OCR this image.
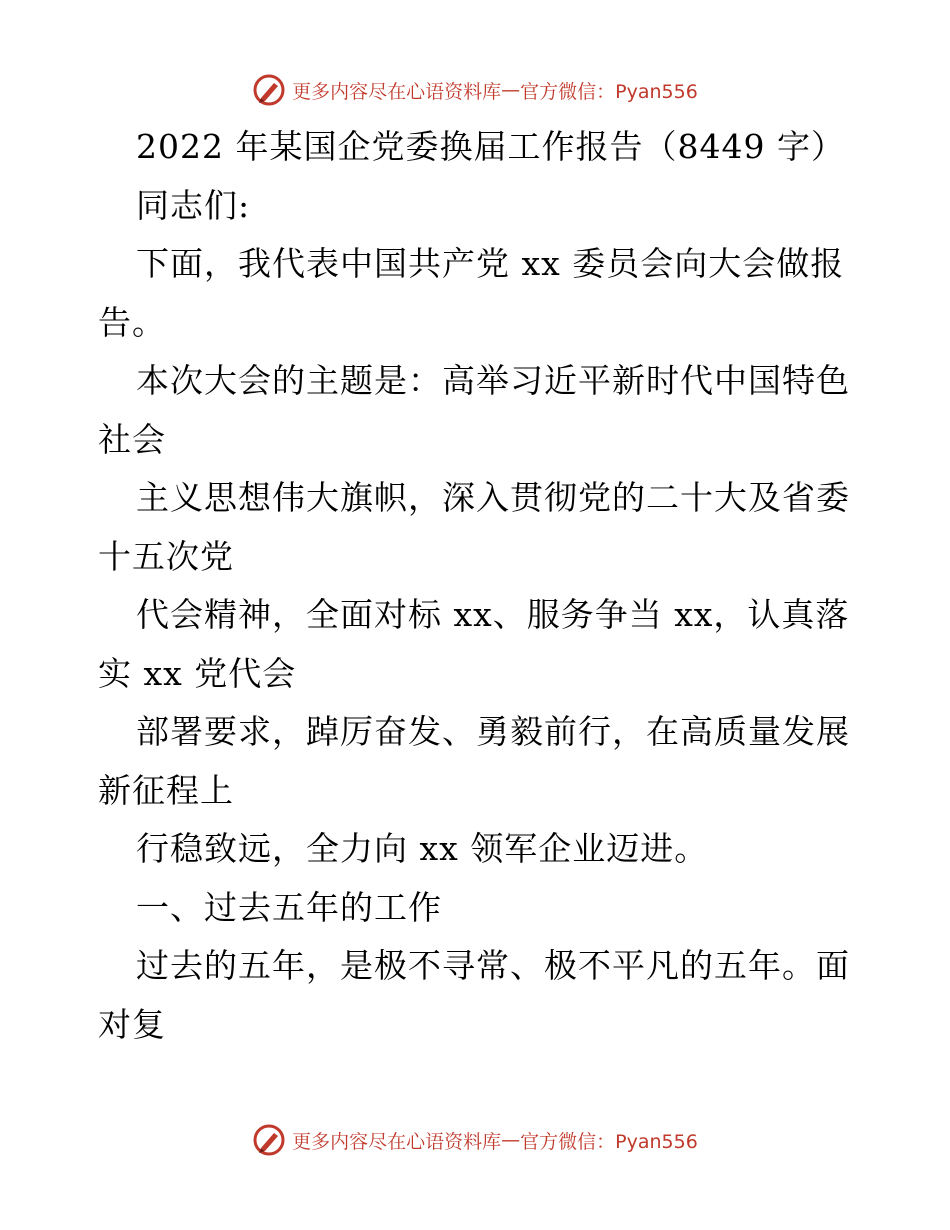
更多内容尽在心语资料库 — 官方微信：Pyan556
2022 年某国企党委换届工作报告（8449 字）
同志们:
下面，我代表中国共产党 xx 委员会向大会做报
告。
本次大会的主题是：高举习近平新时代中国特色
社会
主义思想伟大旗帜，深入贯彻党的二十大及省委
十五次党
代会精神，全面对标 xx、服务争当 xx，认真落
实 xx 党代会
部署要求，踔厉奋发、勇毅前行，在高质量发展
新征程上
行稳致远，全力向 xx 领军企业迈进。
一、过去五年的工作
过去的五年，是极不寻常、极不平凡的五年。面
对复
更多内容尽在心语资料库 — 官方微信：Pyan556
